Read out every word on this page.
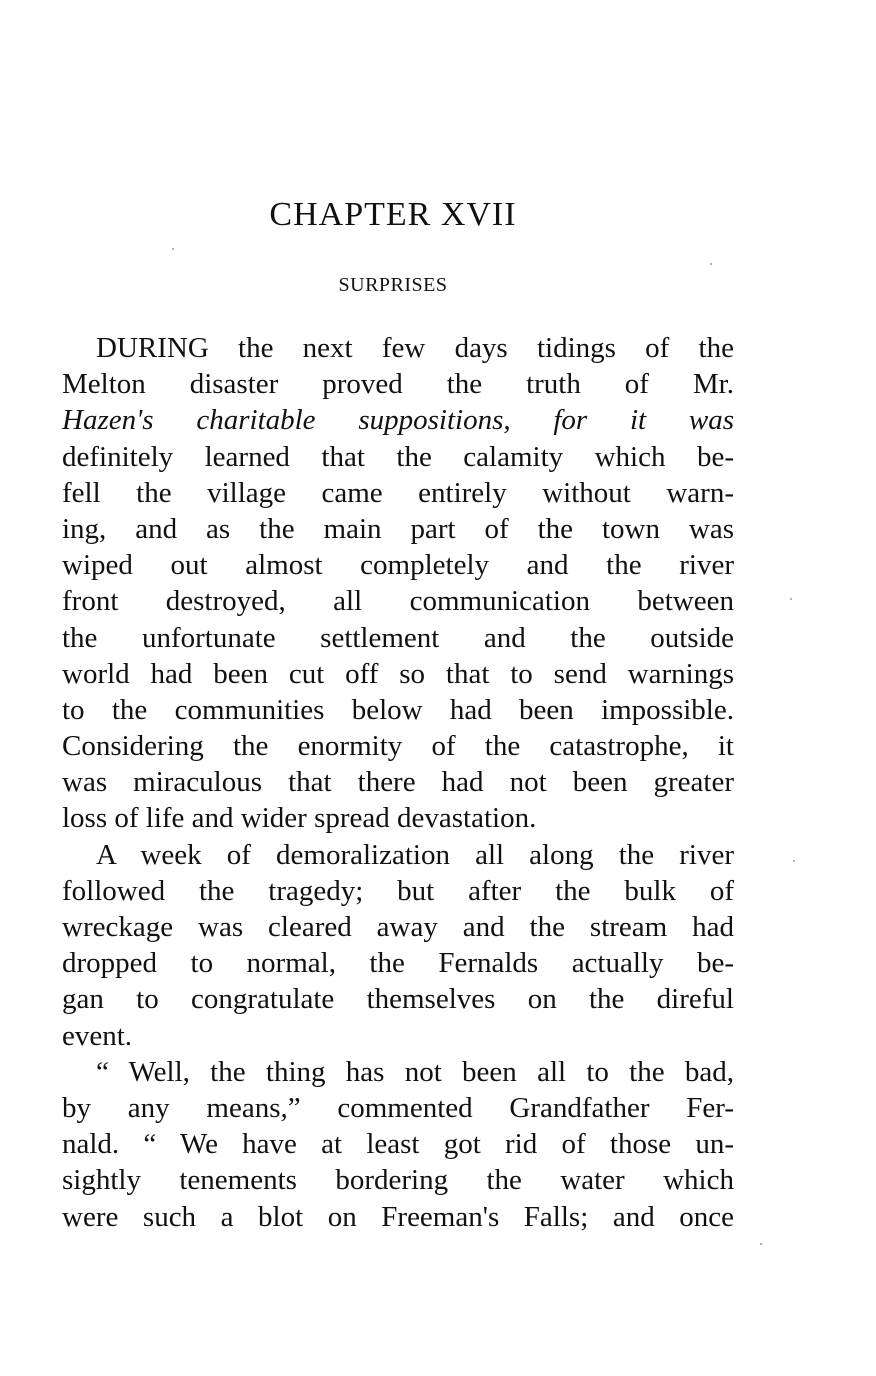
CHAPTER XVII
SURPRISES
DURING the next few days tidings of the
Melton disaster proved the truth of Mr.
Hazen's charitable suppositions, for it was
definitely learned that the calamity which be-
fell the village came entirely without warn-
ing, and as the main part of the town was
wiped out almost completely and the river
front destroyed, all communication between
the unfortunate settlement and the outside
world had been cut off so that to send warnings
to the communities below had been impossible.
Considering the enormity of the catastrophe, it
was miraculous that there had not been greater
loss of life and wider spread devastation.
A week of demoralization all along the river
followed the tragedy; but after the bulk of
wreckage was cleared away and the stream had
dropped to normal, the Fernalds actually be-
gan to congratulate themselves on the direful
event.
“ Well, the thing has not been all to the bad,
by any means,” commented Grandfather Fer-
nald. “ We have at least got rid of those un-
sightly tenements bordering the water which
were such a blot on Freeman's Falls; and once
